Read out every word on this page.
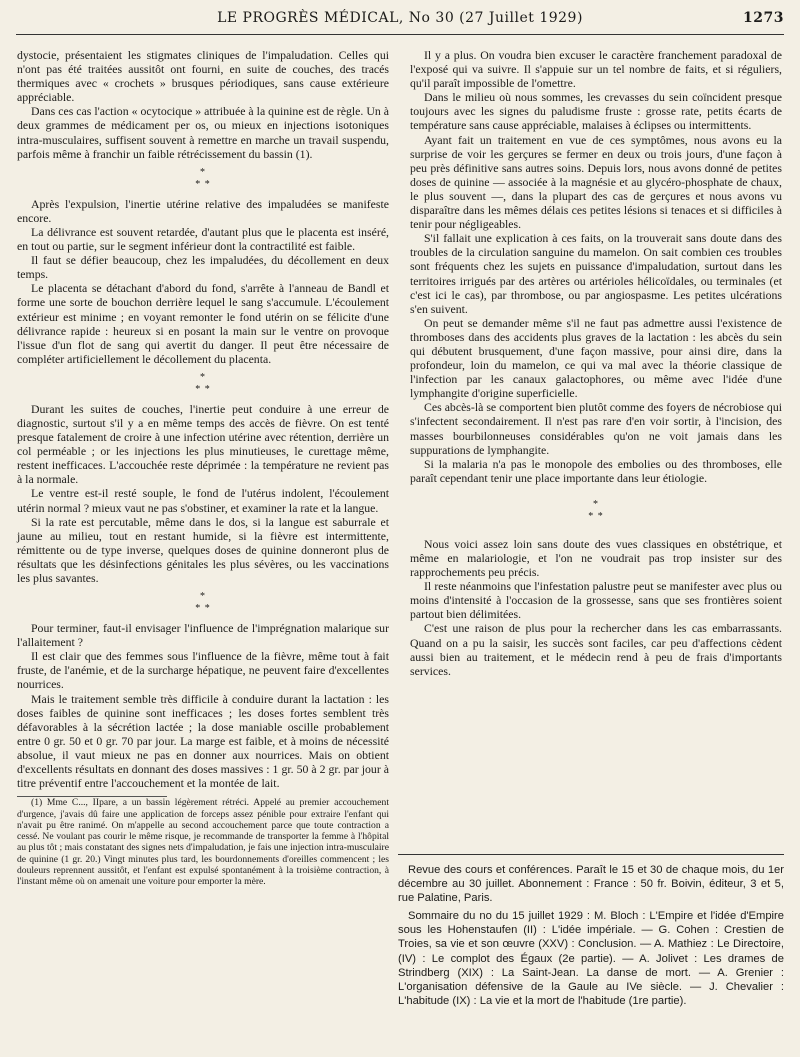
LE PROGRÈS MÉDICAL, No 30 (27 Juillet 1929)	1273

dystocie, présentaient les stigmates cliniques de l'impaludation. Celles qui n'ont pas été traitées aussitôt ont fourni, en suite de couches, des tracés thermiques avec « crochets » brusques périodiques, sans cause extérieure appréciable.

Dans ces cas l'action « ocytocique » attribuée à la quinine est de règle. Un à deux grammes de médicament per os, ou mieux en injections isotoniques intra-musculaires, suffisent souvent à remettre en marche un travail suspendu, parfois même à franchir un faible rétrécissement du bassin (1).

*
* *

Après l'expulsion, l'inertie utérine relative des impaludées se manifeste encore.

La délivrance est souvent retardée, d'autant plus que le placenta est inséré, en tout ou partie, sur le segment inférieur dont la contractilité est faible.

Il faut se défier beaucoup, chez les impaludées, du décollement en deux temps.

Le placenta se détachant d'abord du fond, s'arrête à l'anneau de Bandl et forme une sorte de bouchon derrière lequel le sang s'accumule. L'écoulement extérieur est minime ; en voyant remonter le fond utérin on se félicite d'une délivrance rapide : heureux si en posant la main sur le ventre on provoque l'issue d'un flot de sang qui avertit du danger. Il peut être nécessaire de compléter artificiellement le décollement du placenta.

*
* *

Durant les suites de couches, l'inertie peut conduire à une erreur de diagnostic, surtout s'il y a en même temps des accès de fièvre. On est tenté presque fatalement de croire à une infection utérine avec rétention, derrière un col perméable ; or les injections les plus minutieuses, le curettage même, restent inefficaces. L'accouchée reste déprimée : la température ne revient pas à la normale.

Le ventre est-il resté souple, le fond de l'utérus indolent, l'écoulement utérin normal ? mieux vaut ne pas s'obstiner, et examiner la rate et la langue.

Si la rate est percutable, même dans le dos, si la langue est saburrale et jaune au milieu, tout en restant humide, si la fièvre est intermittente, rémittente ou de type inverse, quelques doses de quinine donneront plus de résultats que les désinfections génitales les plus sévères, ou les vaccinations les plus savantes.

*
* *

Pour terminer, faut-il envisager l'influence de l'imprégnation malarique sur l'allaitement ?

Il est clair que des femmes sous l'influence de la fièvre, même tout à fait fruste, de l'anémie, et de la surcharge hépatique, ne peuvent faire d'excellentes nourrices.

Mais le traitement semble très difficile à conduire durant la lactation : les doses faibles de quinine sont inefficaces ; les doses fortes semblent très défavorables à la sécrétion lactée ; la dose maniable oscille probablement entre 0 gr. 50 et 0 gr. 70 par jour. La marge est faible, et à moins de nécessité absolue, il vaut mieux ne pas en donner aux nourrices. Mais on obtient d'excellents résultats en donnant des doses massives : 1 gr. 50 à 2 gr. par jour à titre préventif entre l'accouchement et la montée de lait.

(1) Mme C..., IIpare, a un bassin légèrement rétréci. Appelé au premier accouchement d'urgence, j'avais dû faire une application de forceps assez pénible pour extraire l'enfant qui n'avait pu être ranimé. On m'appelle au second accouchement parce que toute contraction a cessé. Ne voulant pas courir le même risque, je recommande de transporter la femme à l'hôpital au plus tôt ; mais constatant des signes nets d'impaludation, je fais une injection intra-musculaire de quinine (1 gr. 20.) Vingt minutes plus tard, les bourdonnements d'oreilles commencent ; les douleurs reprennent aussitôt, et l'enfant est expulsé spontanément à la troisième contraction, à l'instant même où on amenait une voiture pour emporter la mère.

Il y a plus. On voudra bien excuser le caractère franchement paradoxal de l'exposé qui va suivre. Il s'appuie sur un tel nombre de faits, et si réguliers, qu'il paraît impossible de l'omettre.

Dans le milieu où nous sommes, les crevasses du sein coïncident presque toujours avec les signes du paludisme fruste : grosse rate, petits écarts de température sans cause appréciable, malaises à éclipses ou intermittents.

Ayant fait un traitement en vue de ces symptômes, nous avons eu la surprise de voir les gerçures se fermer en deux ou trois jours, d'une façon à peu près définitive sans autres soins. Depuis lors, nous avons donné de petites doses de quinine — associée à la magnésie et au glycéro-phosphate de chaux, le plus souvent —, dans la plupart des cas de gerçures et nous avons vu disparaître dans les mêmes délais ces petites lésions si tenaces et si difficiles à tenir pour négligeables.

S'il fallait une explication à ces faits, on la trouverait sans doute dans des troubles de la circulation sanguine du mamelon. On sait combien ces troubles sont fréquents chez les sujets en puissance d'impaludation, surtout dans les territoires irrigués par des artères ou artérioles hélicoïdales, ou terminales (et c'est ici le cas), par thrombose, ou par angiospasme. Les petites ulcérations s'en suivent.

On peut se demander même s'il ne faut pas admettre aussi l'existence de thromboses dans des accidents plus graves de la lactation : les abcès du sein qui débutent brusquement, d'une façon massive, pour ainsi dire, dans la profondeur, loin du mamelon, ce qui va mal avec la théorie classique de l'infection par les canaux galactophores, ou même avec l'idée d'une lymphangite d'origine superficielle.

Ces abcès-là se comportent bien plutôt comme des foyers de nécrobiose qui s'infectent secondairement. Il n'est pas rare d'en voir sortir, à l'incision, des masses bourbilonneuses considérables qu'on ne voit jamais dans les suppurations de lymphangite.

Si la malaria n'a pas le monopole des embolies ou des thromboses, elle paraît cependant tenir une place importante dans leur étiologie.

*
* *

Nous voici assez loin sans doute des vues classiques en obstétrique, et même en malariologie, et l'on ne voudrait pas trop insister sur des rapprochements peu précis.

Il reste néanmoins que l'infestation palustre peut se manifester avec plus ou moins d'intensité à l'occasion de la grossesse, sans que ses frontières soient partout bien délimitées.

C'est une raison de plus pour la rechercher dans les cas embarrassants. Quand on a pu la saisir, les succès sont faciles, car peu d'affections cèdent aussi bien au traitement, et le médecin rend à peu de frais d'importants services.

Revue des cours et conférences. Paraît le 15 et 30 de chaque mois, du 1er décembre au 30 juillet. Abonnement : France : 50 fr. Boivin, éditeur, 3 et 5, rue Palatine, Paris.

Sommaire du no du 15 juillet 1929 : M. Bloch : L'Empire et l'idée d'Empire sous les Hohenstaufen (II) : L'idée impériale. — G. Cohen : Crestien de Troies, sa vie et son œuvre (XXV) : Conclusion. — A. Mathiez : Le Directoire, (IV) : Le complot des Égaux (2e partie). — A. Jolivet : Les drames de Strindberg (XIX) : La Saint-Jean. La danse de mort. — A. Grenier : L'organisation défensive de la Gaule au IVe siècle. — J. Chevalier : L'habitude (IX) : La vie et la mort de l'habitude (1re partie).
